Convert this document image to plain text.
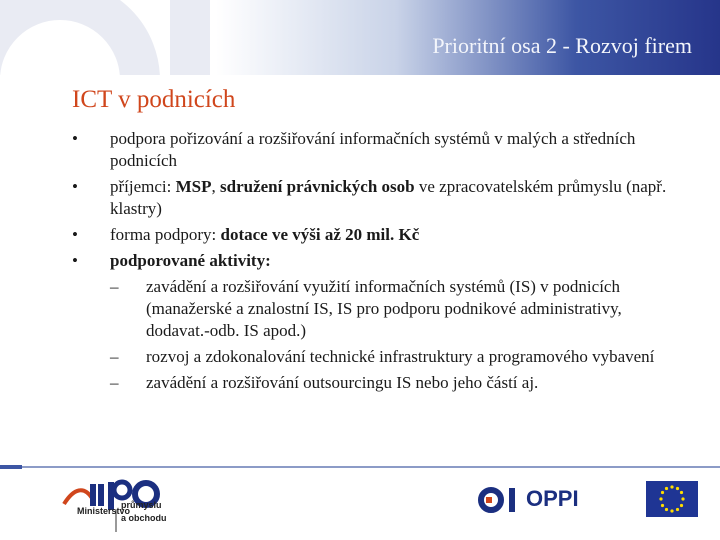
Prioritní osa 2 - Rozvoj firem
ICT v podnicích
• podpora pořizování a rozšiřování informačních systémů v malých a středních podnicích
• příjemci: MSP, sdružení právnických osob ve zpracovatelském průmyslu (např. klastry)
• forma podpory: dotace ve výši až 20 mil. Kč
• podporované aktivity:
– zavádění a rozšiřování využití informačních systémů (IS) v podnicích (manažerské a znalostní IS, IS pro podporu podnikové administrativy, dodavat.-odb. IS apod.)
– rozvoj a zdokonalování technické infrastruktury a programového vybavení
– zavádění a rozšiřování outsourcingu IS nebo jeho částí aj.
Ministerstvo
průmyslu
a obchodu
OPPI
